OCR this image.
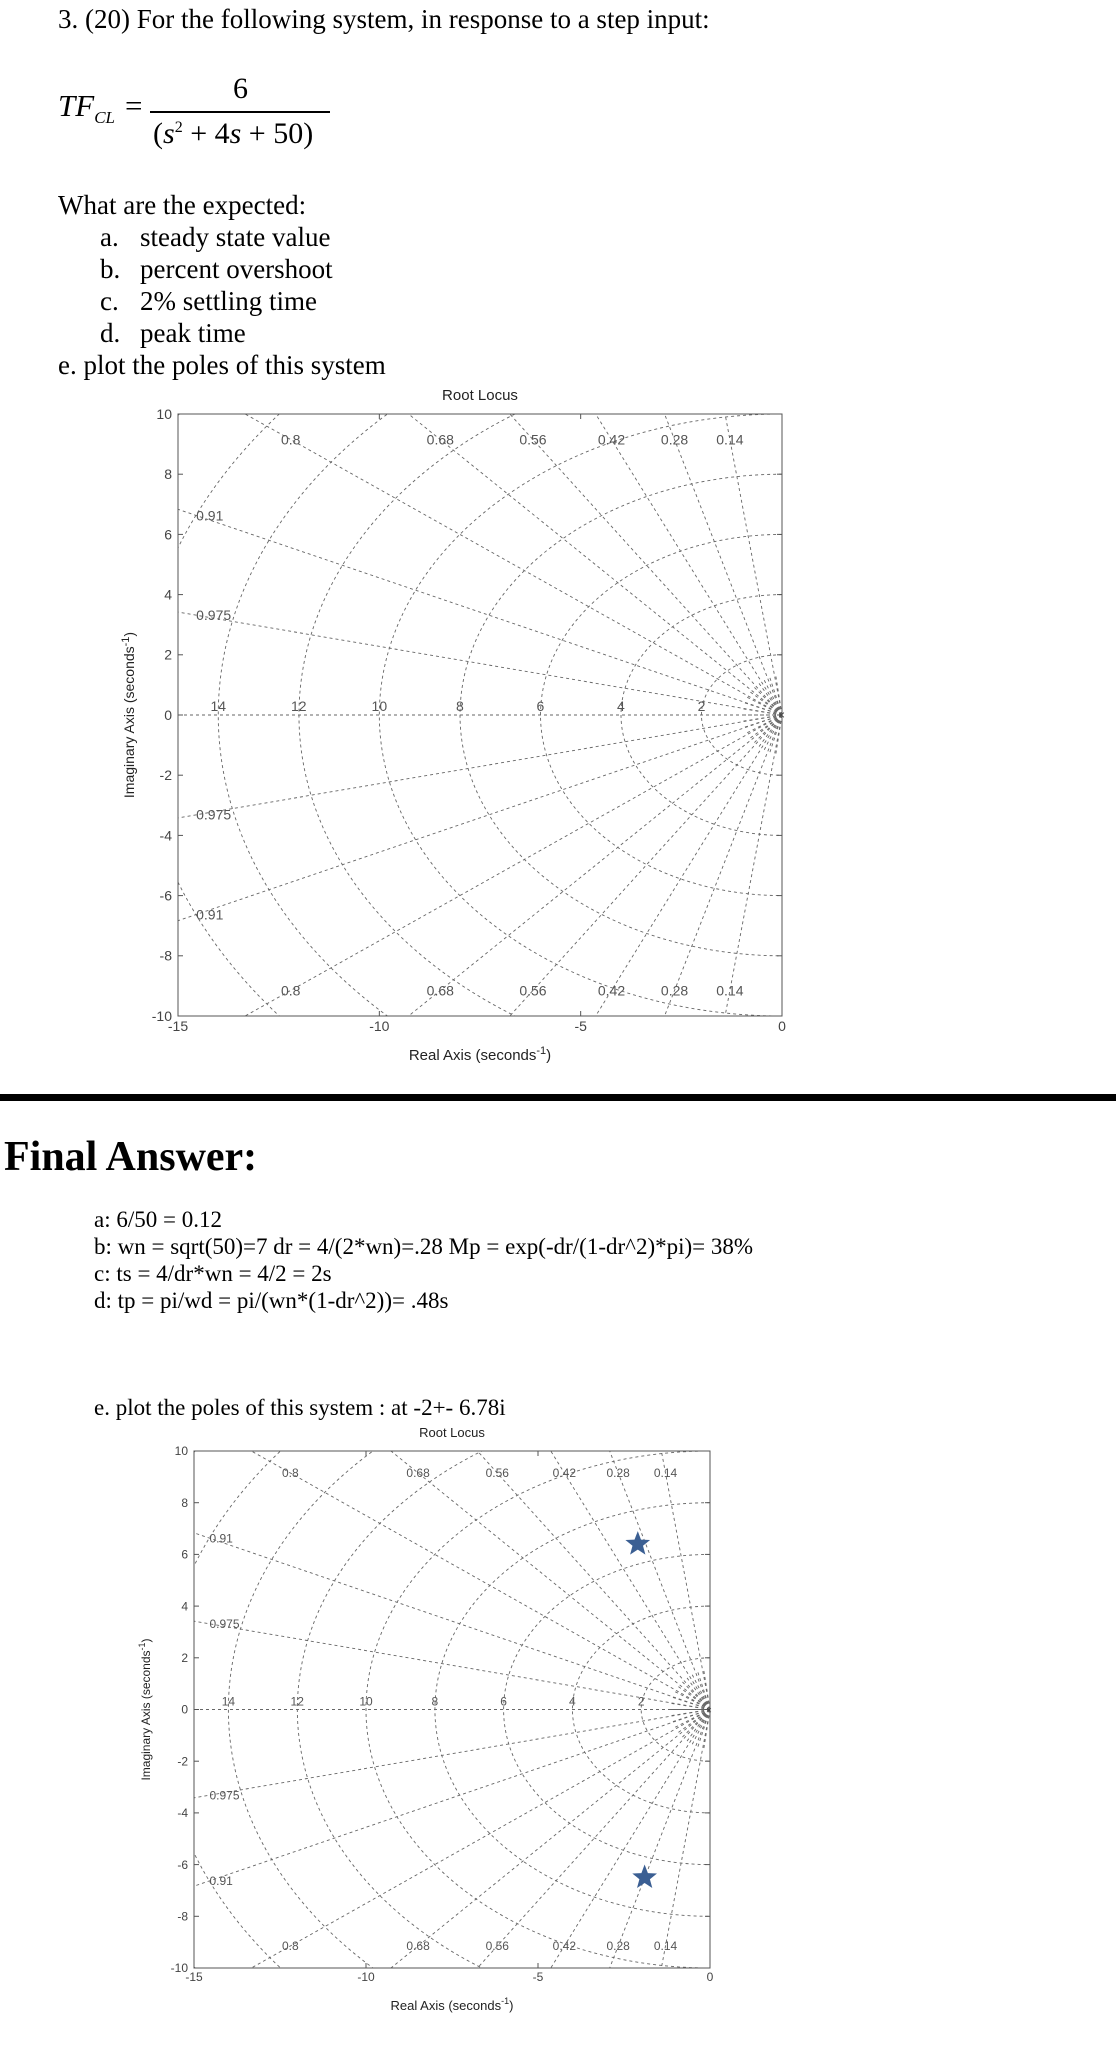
3. (20) For the following system, in response to a step input:
$TF_{CL}$ =	6
$(s^2 + 4s + 50)$
What are the expected:
a. steady state value
b. percent overshoot
c. 2% settling time
d. peak time
e. plot the poles of this system
-15	-10	-5	0
-10
-8
-6
-4
-2
0
2
4
6
8
10
0.14
0.14
0.28
0.28
0.42
0.42
0.56
0.56
0.68
0.68
0.8
0.8
0.91
0.91
0.975
0.975
2
4
6
8
10
12
14
Root Locus
Real Axis (seconds$^{-1}$)
Imaginary Axis (seconds$^{-1}$)
×
Final Answer:
a: 6/50 = 0.12
b: wn = sqrt(50)=7 dr = 4/(2*wn)=.28 Mp = exp(-dr/(1-dr^2)*pi)= 38%
c: ts = 4/dr*wn = 4/2 = 2s
d: tp = pi/wd = pi/(wn*(1-dr^2))= .48s
e. plot the poles of this system : at -2+- 6.78i
-15	-10	-5	0
-10
-8
-6
-4
-2
0
2
4
6
8
10
0.14
0.14
0.28
0.28
0.42
0.42
0.56
0.56
0.68
0.68
0.8
0.8
0.91
0.91
0.975
0.975
2
4
6
8
10
12
14
Root Locus
Real Axis (seconds$^{-1}$)
Imaginary Axis (seconds$^{-1}$)
×
